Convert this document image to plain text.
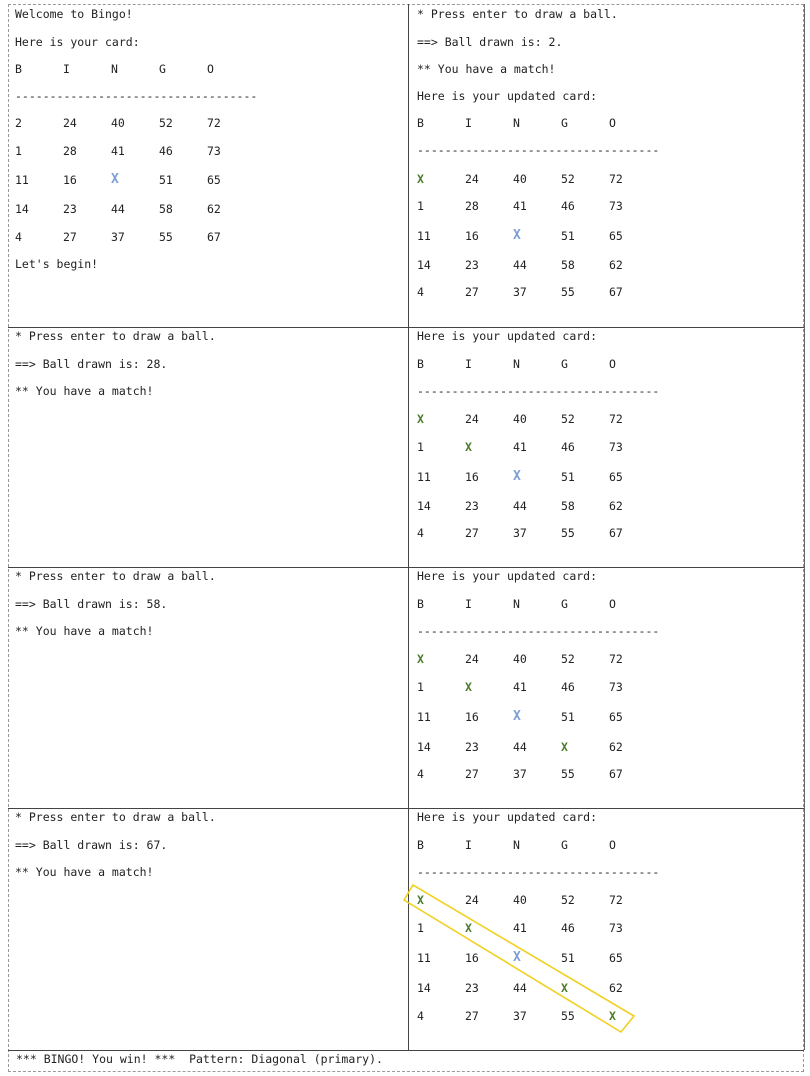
Welcome to Bingo!
Here is your card:
B	I	N	G	O
-----------------------------------
2	24	40	52	72
1	28	41	46	73
11	16	X	51	65
14	23	44	58	62
4	27	37	55	67
Let's begin!
* Press enter to draw a ball.
==> Ball drawn is: 2.
** You have a match!
Here is your updated card:
B	I	N	G	O
-----------------------------------
X	24	40	52	72
1	28	41	46	73
11	16	X	51	65
14	23	44	58	62
4	27	37	55	67
* Press enter to draw a ball.
==> Ball drawn is: 28.
** You have a match!
Here is your updated card:
B	I	N	G	O
-----------------------------------
X	24	40	52	72
1	X	41	46	73
11	16	X	51	65
14	23	44	58	62
4	27	37	55	67
* Press enter to draw a ball.
==> Ball drawn is: 58.
** You have a match!
Here is your updated card:
B	I	N	G	O
-----------------------------------
X	24	40	52	72
1	X	41	46	73
11	16	X	51	65
14	23	44	X	62
4	27	37	55	67
* Press enter to draw a ball.
==> Ball drawn is: 67.
** You have a match!
Here is your updated card:
B	I	N	G	O
-----------------------------------
X	24	40	52	72
1	X	41	46	73
11	16	X	51	65
14	23	44	X	62
4	27	37	55	X
*** BINGO! You win! ***  Pattern: Diagonal (primary).
